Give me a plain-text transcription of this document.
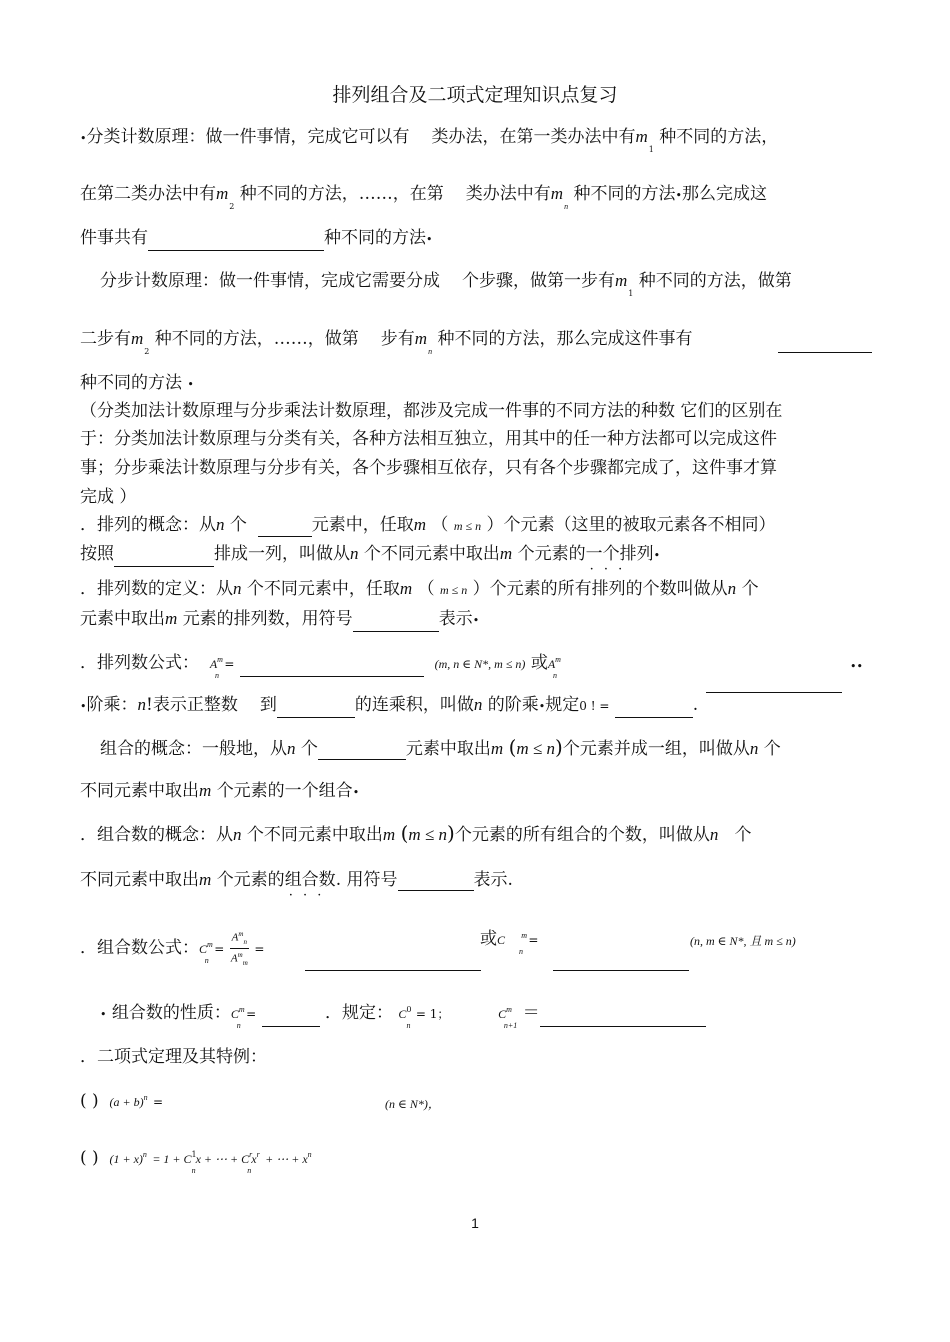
排列组合及二项式定理知识点复习
•分类计数原理：做一件事情，完成它可以有 类办法，在第一类办法中有$m_1$ 种不同的方法，
在第二类办法中有$m_2$ 种不同的方法，……，在第 类办法中有$m_n$ 种不同的方法•那么完成这
件事共有	种不同的方法•
分步计数原理：做一件事情，完成它需要分成 个步骤，做第一步有$m_1$ 种不同的方法，做第
二步有$m_2$ 种不同的方法，……，做第 步有$m_n$ 种不同的方法，那么完成这件事有
种不同的方法 •
（分类加法计数原理与分步乘法计数原理，都涉及完成一件事的不同方法的种数 它们的区别在
于：分类加法计数原理与分类有关，各种方法相互独立，用其中的任一种方法都可以完成这件
事；分步乘法计数原理与分步有关，各个步骤相互依存，只有各个步骤都完成了，这件事才算
完成 ）
．排列的概念：从n 个	元素中，任取m （ m ≤ n ）个元素（这里的被取元素各不相同）
按照	排成一列，叫做从n 个不同元素中取出m 个元素的一个排列 · · ·•
．排列数的定义：从n 个不同元素中，任取m （ m ≤ n ）个元素的所有排列的个数叫做从n 个
元素中取出m 元素的排列数，用符号	表示•
．排列数公式： $A^m_n$ =	(m, n ∈ N*, m ≤ n) 或$A^m_n$
••
•阶乘：n!表示正整数 到	的连乘积，叫做n 的阶乘•规定0 ! =	.
组合的概念：一般地，从n 个	元素中取出m (m ≤ n)个元素并成一组，叫做从n 个
不同元素中取出m 个元素的一个组合•
．组合数的概念：从n 个不同元素中取出m (m ≤ n)个元素的所有组合的个数，叫做从n 个
不同元素中取出m 个元素的组合数 · · ·. 用符号	表示.
．组合数公式：$C^m_n = \frac{A^m_n}{A^m_m}$ =	或C $^m_n$ =	(n, m ∈ N*, 且 m ≤ n)
• 组合数的性质：$C^m_n$ =	．规定： $C^0_n = 1$；	$C^m_{n+1}$ ＝
．二项式定理及其特例：
( ) $(a + b)^n$ =	(n ∈ N*)，
( ) $(1 + x)^n = 1 + C^1_nx$ + ⋯ + $C^r_nx^r$ + ⋯ + $x^n$
1
